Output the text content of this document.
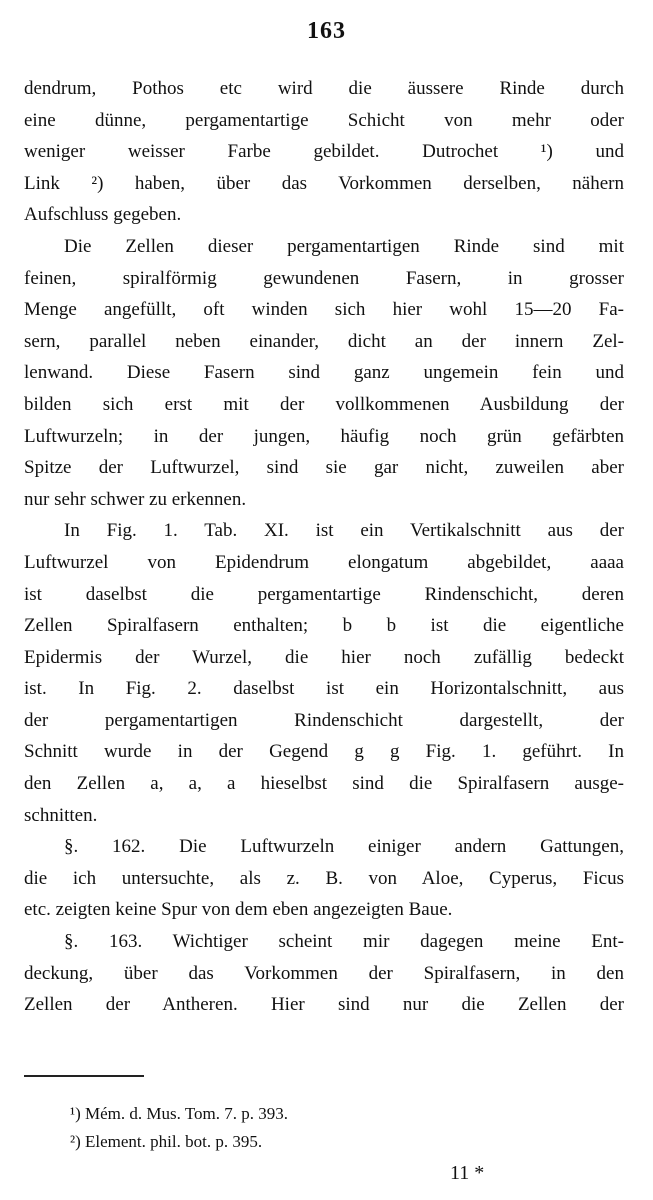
163
dendrum, Pothos etc wird die äussere Rinde durch
eine dünne, pergamentartige Schicht von mehr oder
weniger weisser Farbe gebildet. Dutrochet ¹) und
Link ²) haben, über das Vorkommen derselben, nähern
Aufschluss gegeben.
Die Zellen dieser pergamentartigen Rinde sind mit
feinen, spiralförmig gewundenen Fasern, in grosser
Menge angefüllt, oft winden sich hier wohl 15—20 Fa-
sern, parallel neben einander, dicht an der innern Zel-
lenwand. Diese Fasern sind ganz ungemein fein und
bilden sich erst mit der vollkommenen Ausbildung der
Luftwurzeln; in der jungen, häufig noch grün gefärbten
Spitze der Luftwurzel, sind sie gar nicht, zuweilen aber
nur sehr schwer zu erkennen.
In Fig. 1. Tab. XI. ist ein Vertikalschnitt aus der
Luftwurzel von Epidendrum elongatum abgebildet, aaaa
ist daselbst die pergamentartige Rindenschicht, deren
Zellen Spiralfasern enthalten; b b ist die eigentliche
Epidermis der Wurzel, die hier noch zufällig bedeckt
ist. In Fig. 2. daselbst ist ein Horizontalschnitt, aus
der pergamentartigen Rindenschicht dargestellt, der
Schnitt wurde in der Gegend g g Fig. 1. geführt. In
den Zellen a, a, a hieselbst sind die Spiralfasern ausge-
schnitten.
§. 162. Die Luftwurzeln einiger andern Gattungen,
die ich untersuchte, als z. B. von Aloe, Cyperus, Ficus
etc. zeigten keine Spur von dem eben angezeigten Baue.
§. 163. Wichtiger scheint mir dagegen meine Ent-
deckung, über das Vorkommen der Spiralfasern, in den
Zellen der Antheren. Hier sind nur die Zellen der
¹) Mém. d. Mus. Tom. 7. p. 393.
²) Element. phil. bot. p. 395.
11 *
